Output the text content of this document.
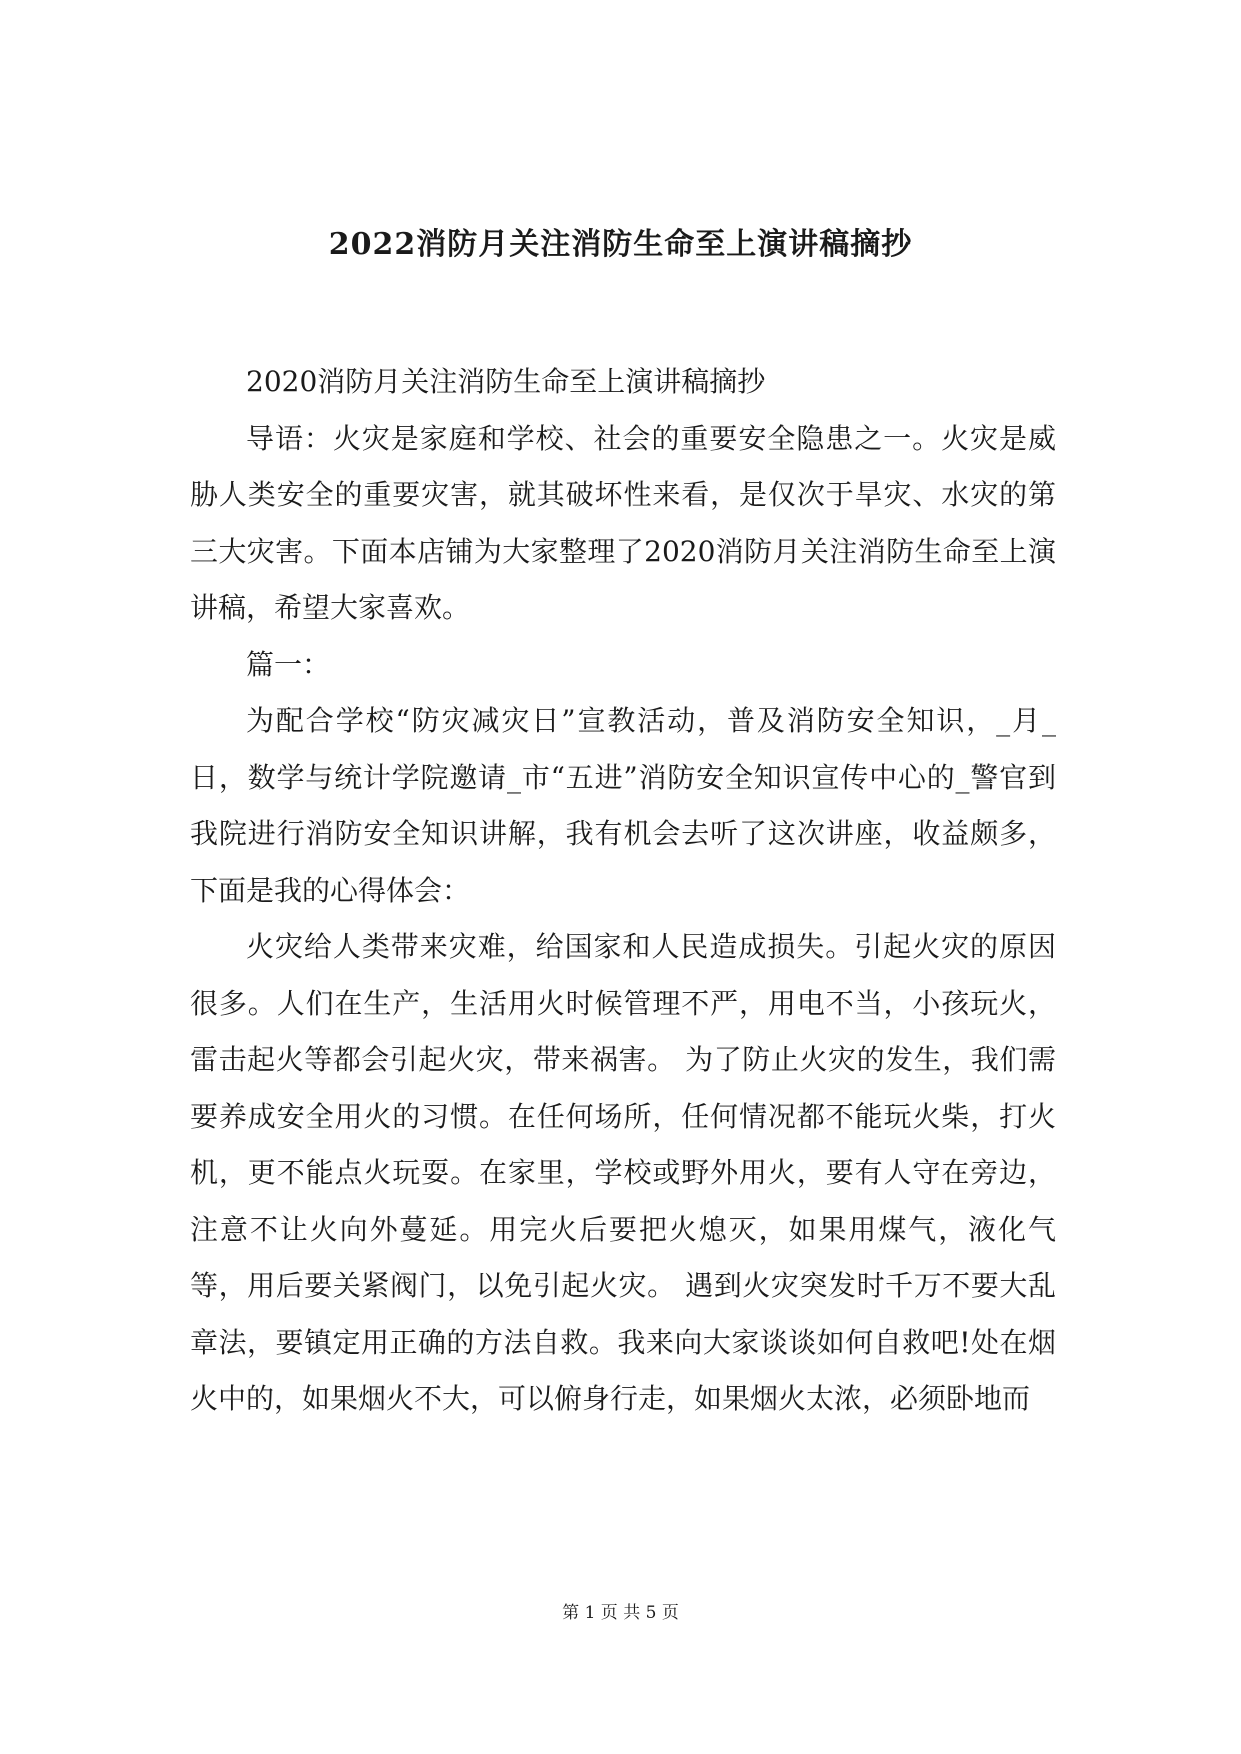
2022消防月关注消防生命至上演讲稿摘抄

2020消防月关注消防生命至上演讲稿摘抄

导语：火灾是家庭和学校、社会的重要安全隐患之一。火灾是威胁人类安全的重要灾害，就其破坏性来看，是仅次于旱灾、水灾的第三大灾害。下面本店铺为大家整理了2020消防月关注消防生命至上演讲稿，希望大家喜欢。

篇一：

为配合学校“防灾减灾日”宣教活动，普及消防安全知识，_月_日，数学与统计学院邀请_市“五进”消防安全知识宣传中心的_警官到我院进行消防安全知识讲解，我有机会去听了这次讲座，收益颇多，下面是我的心得体会：

火灾给人类带来灾难，给国家和人民造成损失。引起火灾的原因很多。人们在生产，生活用火时候管理不严，用电不当，小孩玩火，雷击起火等都会引起火灾，带来祸害。 为了防止火灾的发生，我们需要养成安全用火的习惯。在任何场所，任何情况都不能玩火柴，打火机，更不能点火玩耍。在家里，学校或野外用火，要有人守在旁边，注意不让火向外蔓延。用完火后要把火熄灭，如果用煤气，液化气等，用后要关紧阀门，以免引起火灾。 遇到火灾突发时千万不要大乱章法，要镇定用正确的方法自救。我来向大家谈谈如何自救吧!处在烟火中的，如果烟火不大，可以俯身行走，如果烟火太浓，必须卧地而

第 1 页 共 5 页
